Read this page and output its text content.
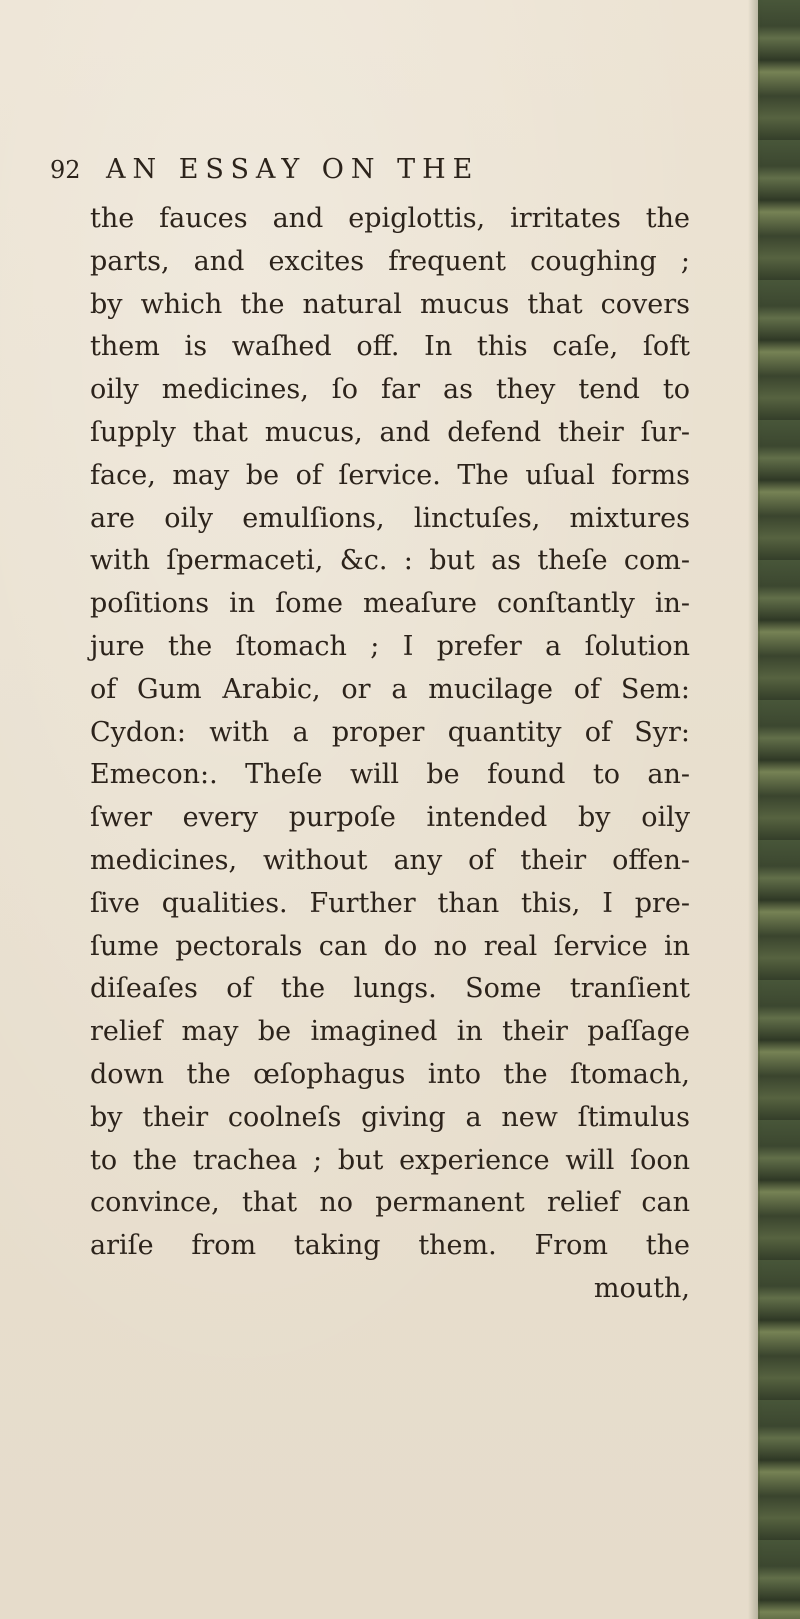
92 AN ESSAY ON THE
the fauces and epiglottis, irritates the
parts, and excites frequent coughing ;
by which the natural mucus that covers
them is waſhed off. In this caſe, ſoft
oily medicines, ſo far as they tend to
ſupply that mucus, and defend their ſur-
face, may be of ſervice. The uſual forms
are oily emulſions, linctuſes, mixtures
with ſpermaceti, &c. : but as theſe com-
poſitions in ſome meaſure conſtantly in-
jure the ſtomach ; I prefer a ſolution
of Gum Arabic, or a mucilage of Sem:
Cydon: with a proper quantity of Syr:
Emecon:. Theſe will be found to an-
ſwer every purpoſe intended by oily
medicines, without any of their offen-
ſive qualities. Further than this, I pre-
ſume pectorals can do no real ſervice in
diſeaſes of the lungs. Some tranſient
relief may be imagined in their paſſage
down the œſophagus into the ſtomach,
by their coolneſs giving a new ſtimulus
to the trachea ; but experience will ſoon
convince, that no permanent relief can
ariſe from taking them. From the
mouth,
